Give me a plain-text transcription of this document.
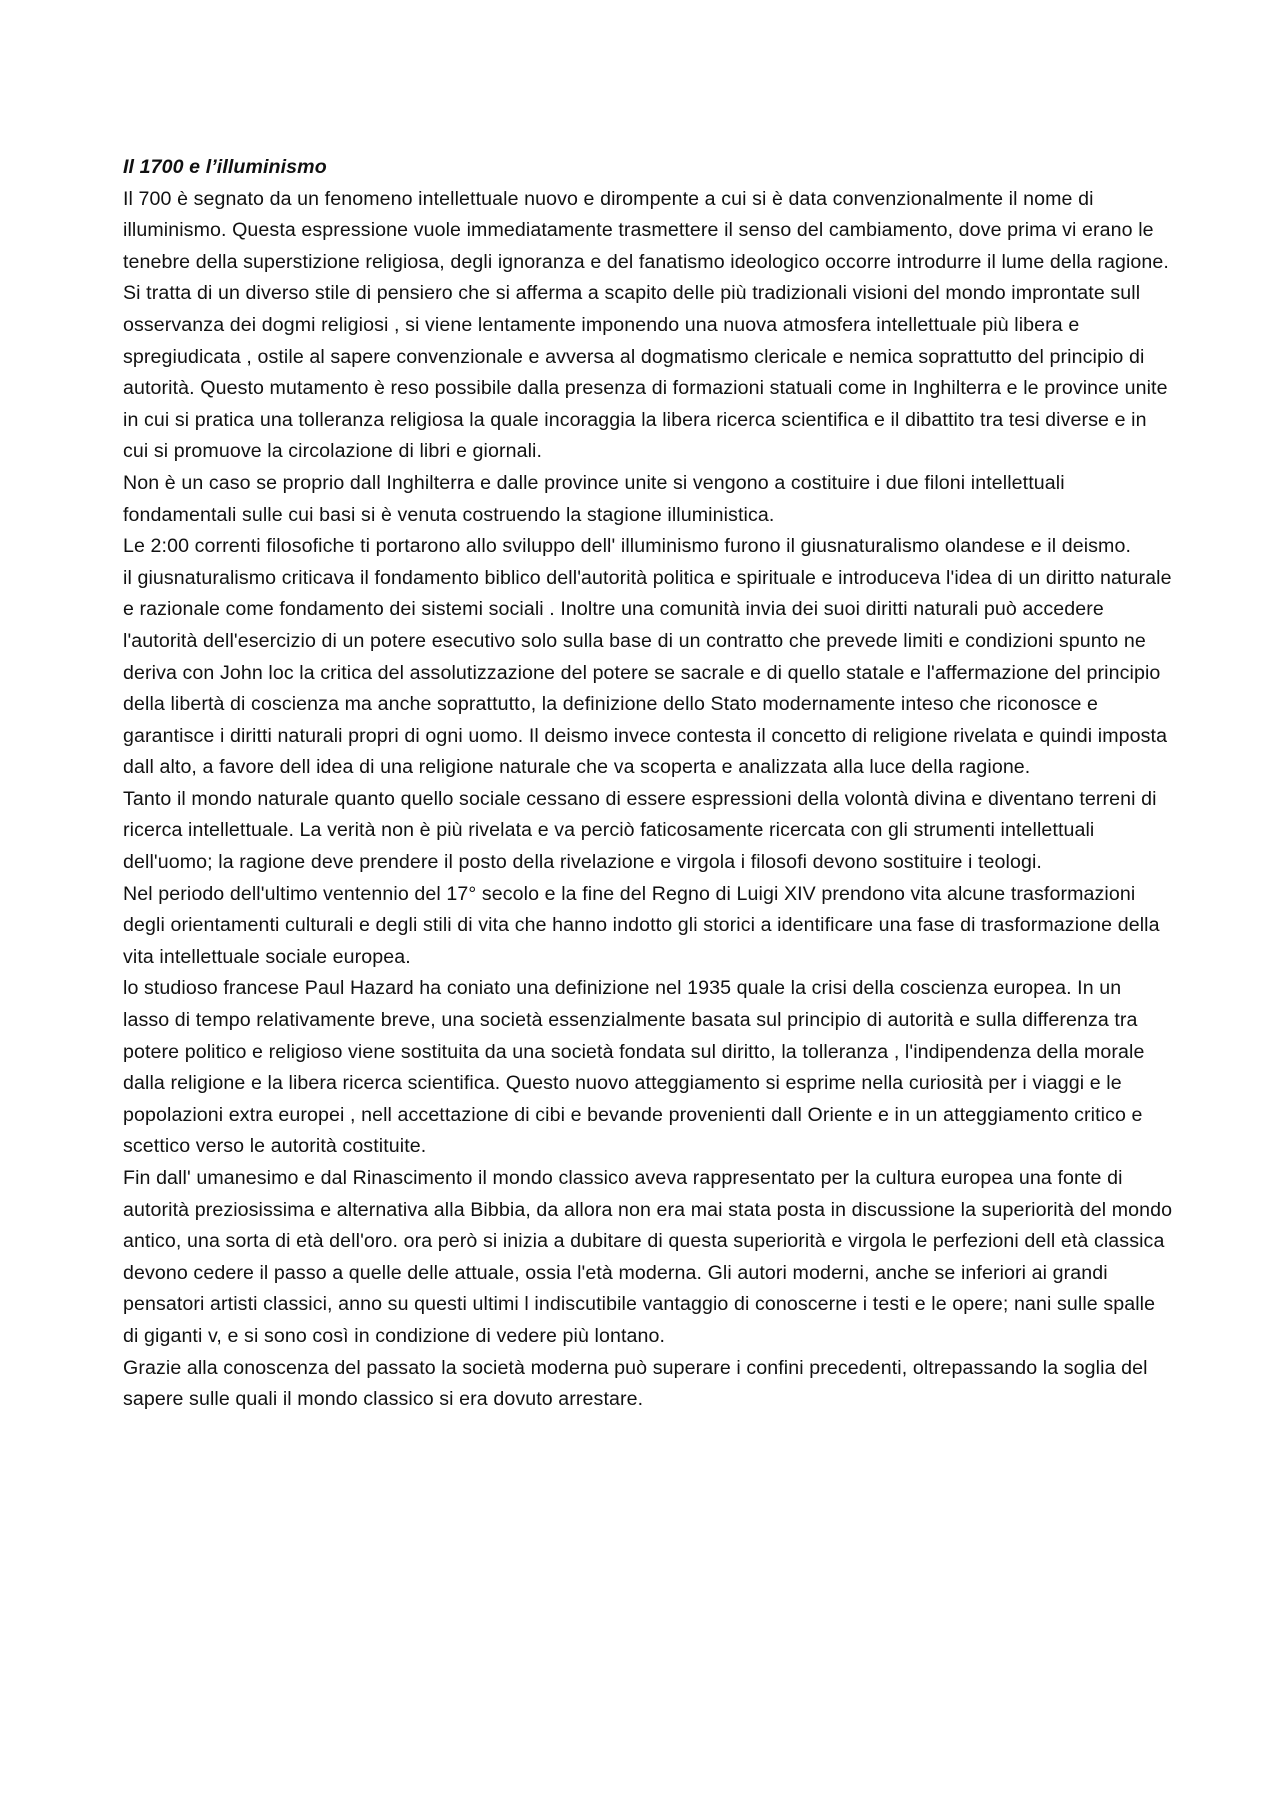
Il 1700 e l’illuminismo

Il 700 è segnato da un fenomeno intellettuale nuovo e dirompente a cui si è data convenzionalmente il nome di illuminismo. Questa espressione vuole immediatamente trasmettere il senso del cambiamento, dove prima vi erano le tenebre della superstizione religiosa, degli ignoranza e del fanatismo ideologico occorre introdurre il lume della ragione. Si tratta di un diverso stile di pensiero che si afferma a scapito delle più tradizionali visioni del mondo improntate sull osservanza dei dogmi religiosi , si viene lentamente imponendo una nuova atmosfera intellettuale più libera e spregiudicata , ostile al sapere convenzionale e avversa al dogmatismo clericale e nemica soprattutto del principio di autorità. Questo mutamento è reso possibile dalla presenza di formazioni statuali come in Inghilterra e le province unite in cui si pratica una tolleranza religiosa la quale incoraggia la libera ricerca scientifica e il dibattito tra tesi diverse e in cui si promuove la circolazione di libri e giornali.

Non è un caso se proprio dall Inghilterra e dalle province unite si vengono a costituire i due filoni intellettuali fondamentali sulle cui basi si è venuta costruendo la stagione illuministica.

Le 2:00 correnti filosofiche ti portarono allo sviluppo dell' illuminismo furono il giusnaturalismo olandese e il deismo.

il giusnaturalismo criticava il fondamento biblico dell'autorità politica e spirituale e introduceva l'idea di un diritto naturale e razionale come fondamento dei sistemi sociali . Inoltre una comunità invia dei suoi diritti naturali può accedere l'autorità dell'esercizio di un potere esecutivo solo sulla base di un contratto che prevede limiti e condizioni spunto ne deriva con John loc la critica del assolutizzazione del potere se sacrale e di quello statale e l'affermazione del principio della libertà di coscienza ma anche soprattutto, la definizione dello Stato modernamente inteso che riconosce e garantisce i diritti naturali propri di ogni uomo. Il deismo invece contesta il concetto di religione rivelata e quindi imposta dall alto, a favore dell idea di una religione naturale che va scoperta e analizzata alla luce della ragione.

Tanto il mondo naturale quanto quello sociale cessano di essere espressioni della volontà divina e diventano terreni di ricerca intellettuale. La verità non è più rivelata e va perciò faticosamente ricercata con gli strumenti intellettuali dell'uomo; la ragione deve prendere il posto della rivelazione e virgola i filosofi devono sostituire i teologi.

Nel periodo dell'ultimo ventennio del 17° secolo e la fine del Regno di Luigi XIV prendono vita alcune trasformazioni degli orientamenti culturali e degli stili di vita che hanno indotto gli storici a identificare una fase di trasformazione della vita intellettuale sociale europea.

lo studioso francese Paul Hazard ha coniato una definizione nel 1935 quale la crisi della coscienza europea. In un lasso di tempo relativamente breve, una società essenzialmente basata sul principio di autorità e sulla differenza tra potere politico e religioso viene sostituita da una società fondata sul diritto, la tolleranza , l'indipendenza della morale dalla religione e la libera ricerca scientifica. Questo nuovo atteggiamento si esprime nella curiosità per i viaggi e le popolazioni extra europei , nell accettazione di cibi e bevande provenienti dall Oriente e in un atteggiamento critico e scettico verso le autorità costituite.

Fin dall' umanesimo e dal Rinascimento il mondo classico aveva rappresentato per la cultura europea una fonte di autorità preziosissima e alternativa alla Bibbia, da allora non era mai stata posta in discussione la superiorità del mondo antico, una sorta di età dell'oro. ora però si inizia a dubitare di questa superiorità e virgola le perfezioni dell età classica devono cedere il passo a quelle delle attuale, ossia l'età moderna. Gli autori moderni, anche se inferiori ai grandi pensatori artisti classici, anno su questi ultimi l indiscutibile vantaggio di conoscerne i testi e le opere; nani sulle spalle di giganti v, e si sono così in condizione di vedere più lontano.

Grazie alla conoscenza del passato la società moderna può superare i confini precedenti, oltrepassando la soglia del sapere sulle quali il mondo classico si era dovuto arrestare.
